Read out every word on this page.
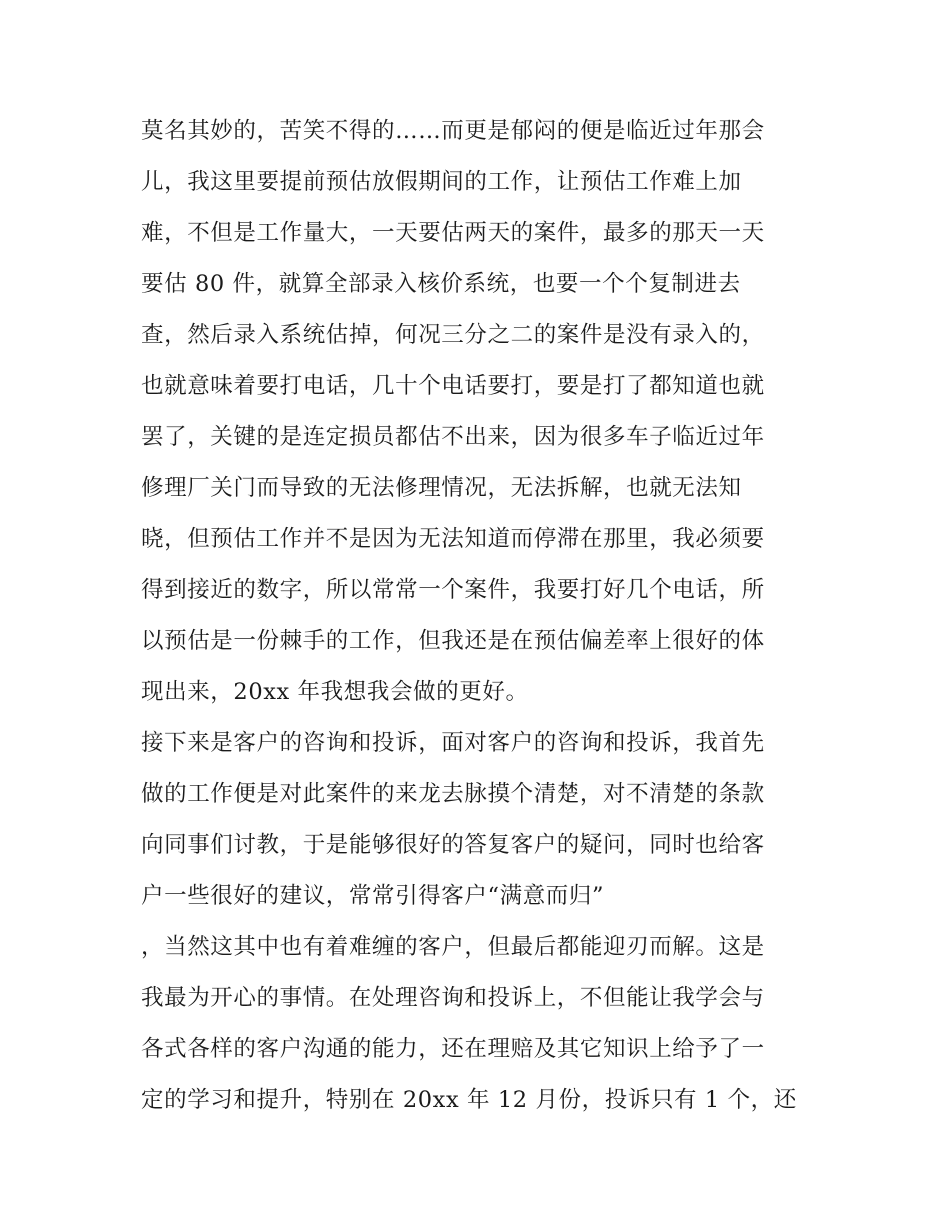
莫名其妙的，苦笑不得的……而更是郁闷的便是临近过年那会
儿，我这里要提前预估放假期间的工作，让预估工作难上加
难，不但是工作量大，一天要估两天的案件，最多的那天一天
要估 80 件，就算全部录入核价系统，也要一个个复制进去
查，然后录入系统估掉，何况三分之二的案件是没有录入的，
也就意味着要打电话，几十个电话要打，要是打了都知道也就
罢了，关键的是连定损员都估不出来，因为很多车子临近过年
修理厂关门而导致的无法修理情况，无法拆解，也就无法知
晓，但预估工作并不是因为无法知道而停滞在那里，我必须要
得到接近的数字，所以常常一个案件，我要打好几个电话，所
以预估是一份棘手的工作，但我还是在预估偏差率上很好的体
现出来，20xx 年我想我会做的更好。
接下来是客户的咨询和投诉，面对客户的咨询和投诉，我首先
做的工作便是对此案件的来龙去脉摸个清楚，对不清楚的条款
向同事们讨教，于是能够很好的答复客户的疑问，同时也给客
户一些很好的建议，常常引得客户“满意而归”
，当然这其中也有着难缠的客户，但最后都能迎刃而解。这是
我最为开心的事情。在处理咨询和投诉上，不但能让我学会与
各式各样的客户沟通的能力，还在理赔及其它知识上给予了一
定的学习和提升，特别在 20xx 年 12 月份，投诉只有 1 个，还
